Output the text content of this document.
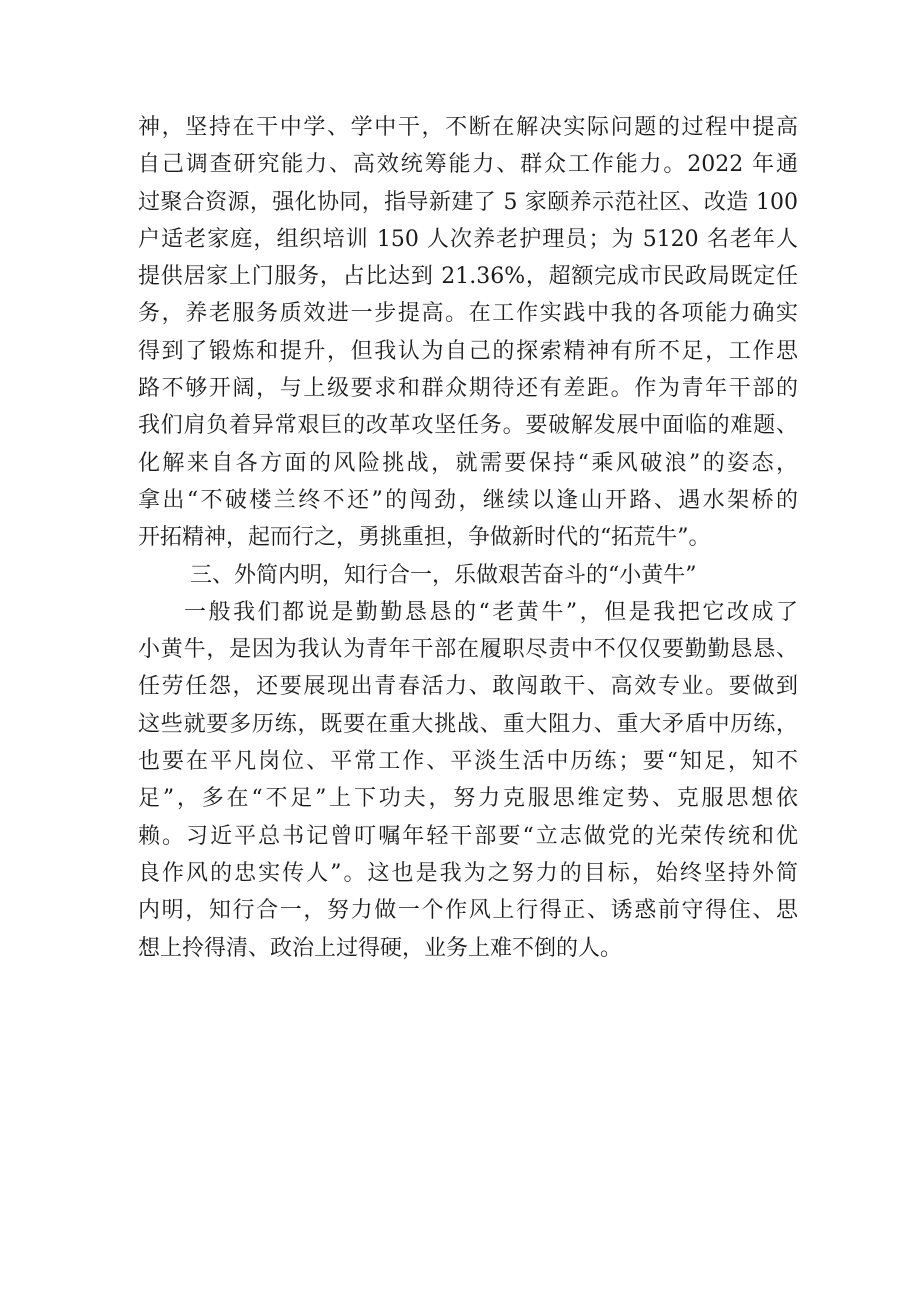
神，坚持在干中学、学中干，不断在解决实际问题的过程中提高
自己调查研究能力、高效统筹能力、群众工作能力。2022 年通
过聚合资源，强化协同，指导新建了 5 家颐养示范社区、改造 100
户适老家庭，组织培训 150 人次养老护理员；为 5120 名老年人
提供居家上门服务，占比达到 21.36%，超额完成市民政局既定任
务，养老服务质效进一步提高。在工作实践中我的各项能力确实
得到了锻炼和提升，但我认为自己的探索精神有所不足，工作思
路不够开阔，与上级要求和群众期待还有差距。作为青年干部的
我们肩负着异常艰巨的改革攻坚任务。要破解发展中面临的难题、
化解来自各方面的风险挑战，就需要保持“乘风破浪”的姿态，
拿出“不破楼兰终不还”的闯劲，继续以逢山开路、遇水架桥的
开拓精神，起而行之，勇挑重担，争做新时代的“拓荒牛”。
三、外简内明，知行合一，乐做艰苦奋斗的“小黄牛”
一般我们都说是勤勤恳恳的“老黄牛”，但是我把它改成了
小黄牛，是因为我认为青年干部在履职尽责中不仅仅要勤勤恳恳、
任劳任怨，还要展现出青春活力、敢闯敢干、高效专业。要做到
这些就要多历练，既要在重大挑战、重大阻力、重大矛盾中历练，
也要在平凡岗位、平常工作、平淡生活中历练；要“知足，知不
足”，多在“不足”上下功夫，努力克服思维定势、克服思想依
赖。习近平总书记曾叮嘱年轻干部要“立志做党的光荣传统和优
良作风的忠实传人”。这也是我为之努力的目标，始终坚持外简
内明，知行合一，努力做一个作风上行得正、诱惑前守得住、思
想上拎得清、政治上过得硬，业务上难不倒的人。
